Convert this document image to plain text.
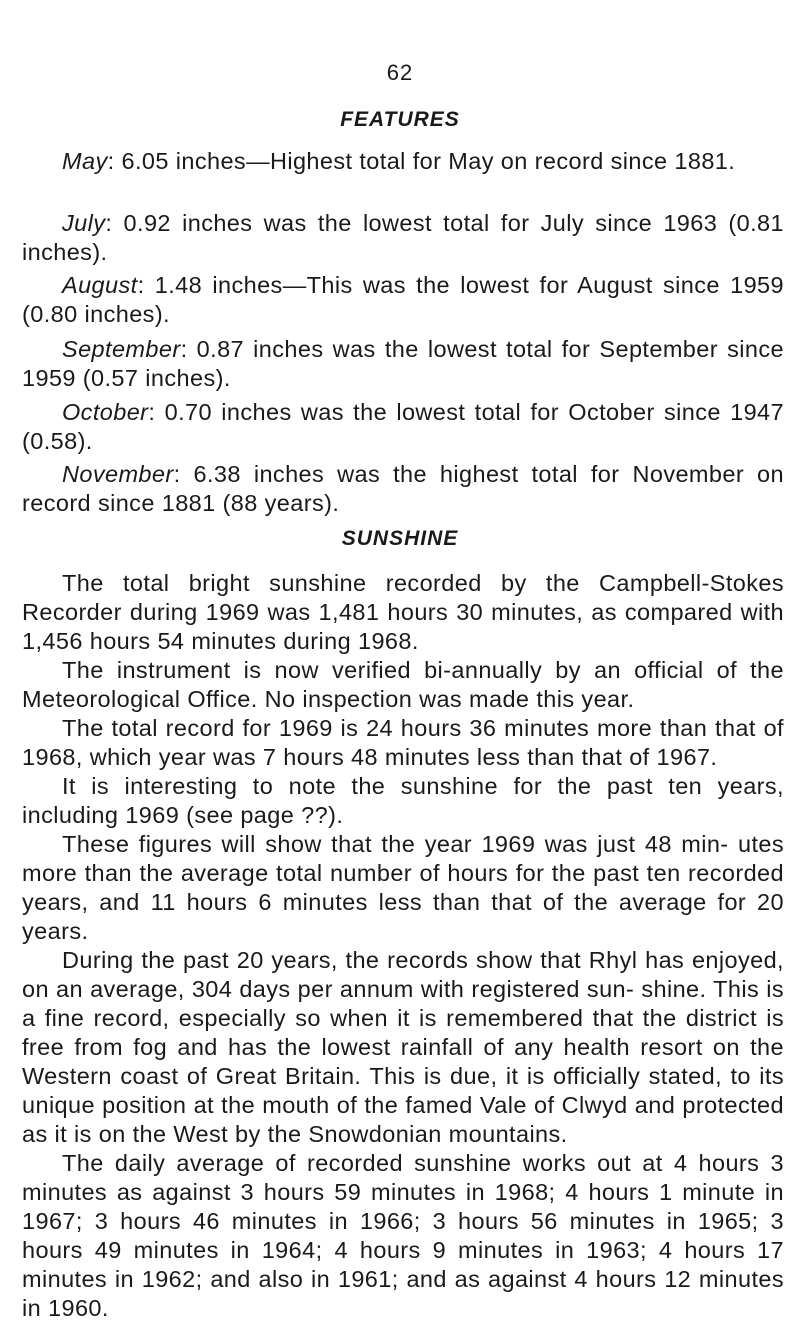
62
FEATURES

May: 6.05 inches—Highest total for May on record since 1881.

July: 0.92 inches was the lowest total for July since 1963 (0.81 inches).

August: 1.48 inches—This was the lowest for August since 1959 (0.80 inches).

September: 0.87 inches was the lowest total for September since 1959 (0.57 inches).

October: 0.70 inches was the lowest total for October since 1947 (0.58).

November: 6.38 inches was the highest total for November on record since 1881 (88 years).

SUNSHINE

The total bright sunshine recorded by the Campbell-Stokes Recorder during 1969 was 1,481 hours 30 minutes, as compared with 1,456 hours 54 minutes during 1968.

The instrument is now verified bi-annually by an official of the Meteorological Office. No inspection was made this year.

The total record for 1969 is 24 hours 36 minutes more than that of 1968, which year was 7 hours 48 minutes less than that of 1967.

It is interesting to note the sunshine for the past ten years, including 1969 (see page ??).

These figures will show that the year 1969 was just 48 min- utes more than the average total number of hours for the past ten recorded years, and 11 hours 6 minutes less than that of the average for 20 years.

During the past 20 years, the records show that Rhyl has enjoyed, on an average, 304 days per annum with registered sun- shine. This is a fine record, especially so when it is remembered that the district is free from fog and has the lowest rainfall of any health resort on the Western coast of Great Britain. This is due, it is officially stated, to its unique position at the mouth of the famed Vale of Clwyd and protected as it is on the West by the Snowdonian mountains.

The daily average of recorded sunshine works out at 4 hours 3 minutes as against 3 hours 59 minutes in 1968; 4 hours 1 minute in 1967; 3 hours 46 minutes in 1966; 3 hours 56 minutes in 1965; 3 hours 49 minutes in 1964; 4 hours 9 minutes in 1963; 4 hours 17 minutes in 1962; and also in 1961; and as against 4 hours 12 minutes in 1960.
